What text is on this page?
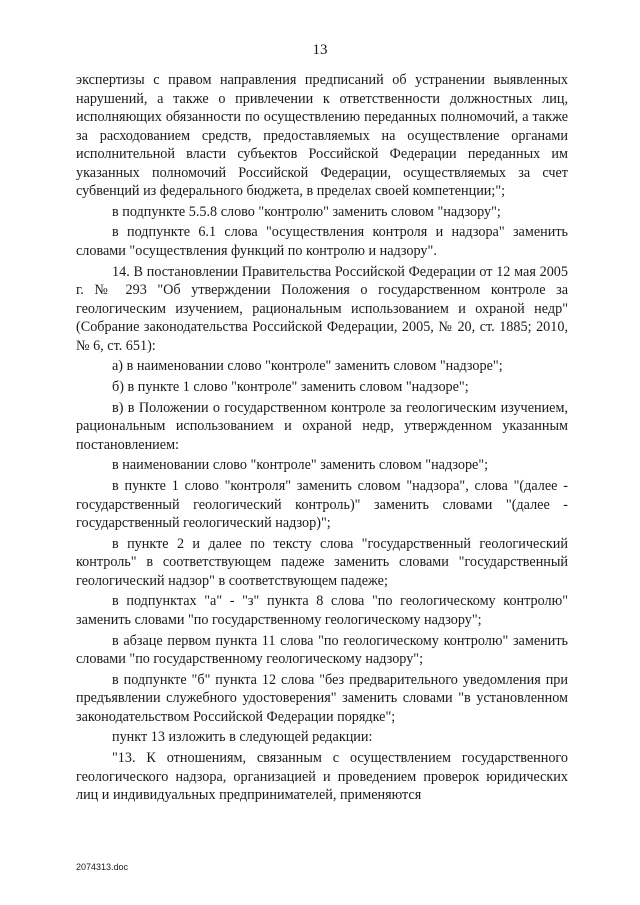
13

экспертизы с правом направления предписаний об устранении выявленных нарушений, а также о привлечении к ответственности должностных лиц, исполняющих обязанности по осуществлению переданных полномочий, а также за расходованием средств, предоставляемых на осуществление органами исполнительной власти субъектов Российской Федерации переданных им указанных полномочий Российской Федерации, осуществляемых за счет субвенций из федерального бюджета, в пределах своей компетенции;";

в подпункте 5.5.8 слово "контролю" заменить словом "надзору";

в подпункте 6.1 слова "осуществления контроля и надзора" заменить словами "осуществления функций по контролю и надзору".

14. В постановлении Правительства Российской Федерации от 12 мая 2005 г. № 293 "Об утверждении Положения о государственном контроле за геологическим изучением, рациональным использованием и охраной недр" (Собрание законодательства Российской Федерации, 2005, № 20, ст. 1885; 2010, № 6, ст. 651):

а) в наименовании слово "контроле" заменить словом "надзоре";

б) в пункте 1 слово "контроле" заменить словом "надзоре";

в) в Положении о государственном контроле за геологическим изучением, рациональным использованием и охраной недр, утвержденном указанным постановлением:

в наименовании слово "контроле" заменить словом "надзоре";

в пункте 1 слово "контроля" заменить словом "надзора", слова "(далее - государственный геологический контроль)" заменить словами "(далее - государственный геологический надзор)";

в пункте 2 и далее по тексту слова "государственный геологический контроль" в соответствующем падеже заменить словами "государственный геологический надзор" в соответствующем падеже;

в подпунктах "а" - "з" пункта 8 слова "по геологическому контролю" заменить словами "по государственному геологическому надзору";

в абзаце первом пункта 11 слова "по геологическому контролю" заменить словами "по государственному геологическому надзору";

в подпункте "б" пункта 12 слова "без предварительного уведомления при предъявлении служебного удостоверения" заменить словами "в установленном законодательством Российской Федерации порядке";

пункт 13 изложить в следующей редакции:

"13. К отношениям, связанным с осуществлением государственного геологического надзора, организацией и проведением проверок юридических лиц и индивидуальных предпринимателей, применяются

2074313.doc
